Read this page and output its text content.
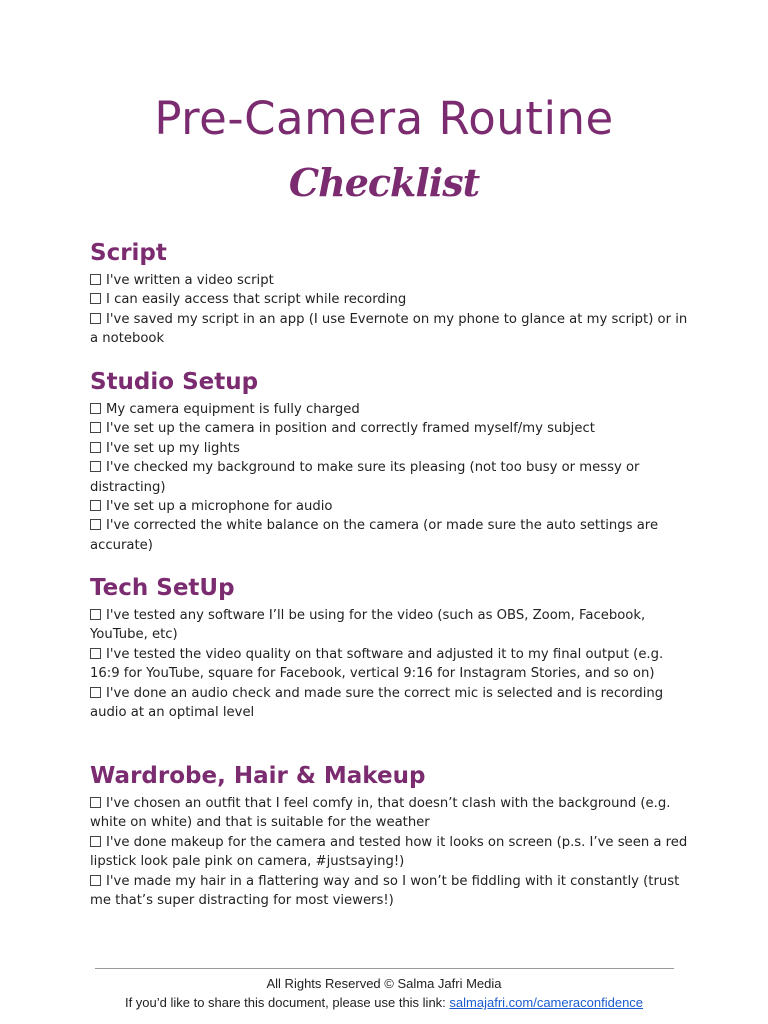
Pre-Camera Routine
Checklist
Script
I've written a video script
I can easily access that script while recording
I've saved my script in an app (I use Evernote on my phone to glance at my script) or in a notebook
Studio Setup
My camera equipment is fully charged
I've set up the camera in position and correctly framed myself/my subject
I've set up my lights
I've checked my background to make sure its pleasing (not too busy or messy or distracting)
I've set up a microphone for audio
I've corrected the white balance on the camera (or made sure the auto settings are accurate)
Tech SetUp
I've tested any software I’ll be using for the video (such as OBS, Zoom, Facebook, YouTube, etc)
I've tested the video quality on that software and adjusted it to my final output (e.g. 16:9 for YouTube, square for Facebook, vertical 9:16 for Instagram Stories, and so on)
I've done an audio check and made sure the correct mic is selected and is recording audio at an optimal level
Wardrobe, Hair & Makeup
I've chosen an outfit that I feel comfy in, that doesn’t clash with the background (e.g. white on white) and that is suitable for the weather
I've done makeup for the camera and tested how it looks on screen (p.s. I’ve seen a red lipstick look pale pink on camera, #justsaying!)
I've made my hair in a flattering way and so I won’t be fiddling with it constantly (trust me that’s super distracting for most viewers!)
All Rights Reserved © Salma Jafri Media
If you’d like to share this document, please use this link: salmajafri.com/cameraconfidence
